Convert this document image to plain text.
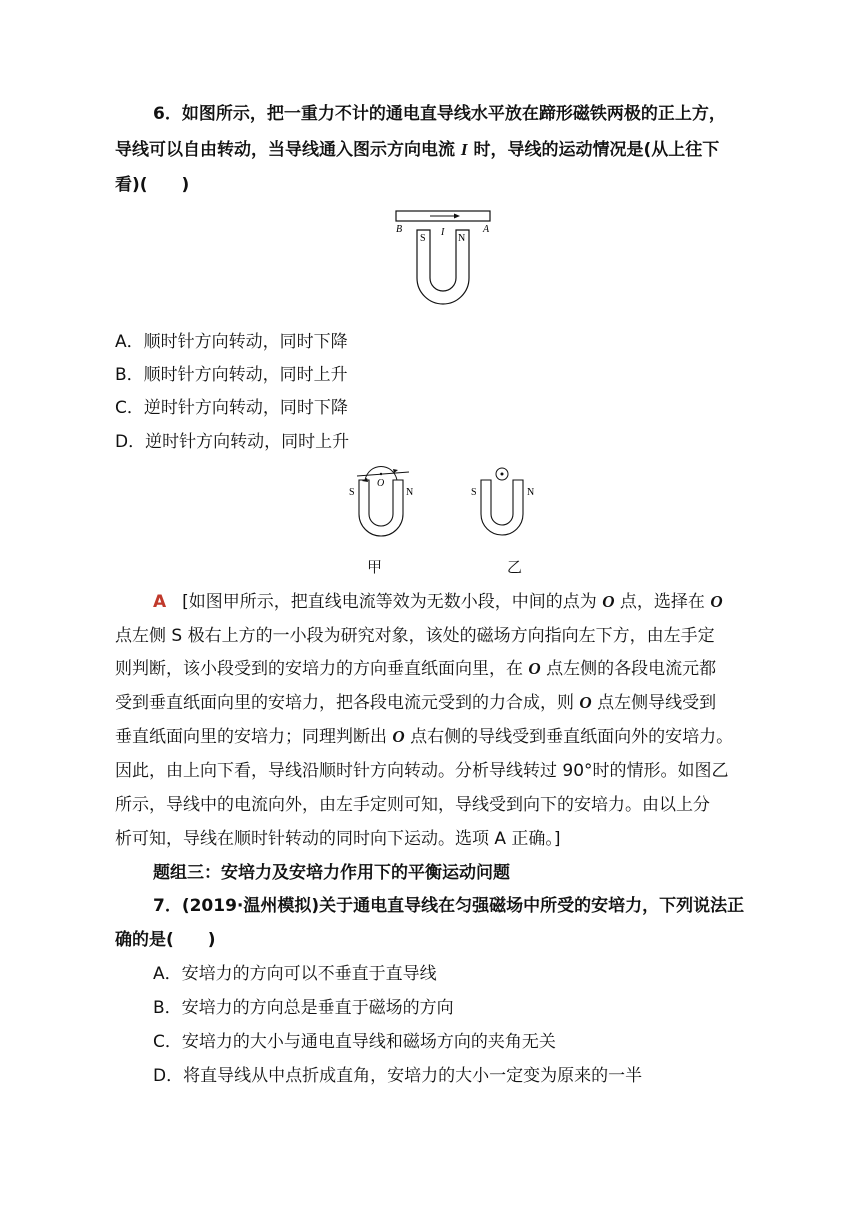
6．如图所示，把一重力不计的通电直导线水平放在蹄形磁铁两极的正上方，
导线可以自由转动，当导线通入图示方向电流 I 时，导线的运动情况是(从上往下
看)(　　)
B	A
I
S	N
A．顺时针方向转动，同时下降
B．顺时针方向转动，同时上升
C．逆时针方向转动，同时下降
D．逆时针方向转动，同时上升
S
O
N
甲
S	N
乙
A [如图甲所示，把直线电流等效为无数小段，中间的点为 O 点，选择在 O
点左侧 S 极右上方的一小段为研究对象，该处的磁场方向指向左下方，由左手定
则判断，该小段受到的安培力的方向垂直纸面向里，在 O 点左侧的各段电流元都
受到垂直纸面向里的安培力，把各段电流元受到的力合成，则 O 点左侧导线受到
垂直纸面向里的安培力；同理判断出 O 点右侧的导线受到垂直纸面向外的安培力。
因此，由上向下看，导线沿顺时针方向转动。分析导线转过 90°时的情形。如图乙
所示，导线中的电流向外，由左手定则可知，导线受到向下的安培力。由以上分
析可知，导线在顺时针转动的同时向下运动。选项 A 正确。]
题组三：安培力及安培力作用下的平衡运动问题
7．(2019·温州模拟)关于通电直导线在匀强磁场中所受的安培力，下列说法正
确的是(　　)
A．安培力的方向可以不垂直于直导线
B．安培力的方向总是垂直于磁场的方向
C．安培力的大小与通电直导线和磁场方向的夹角无关
D．将直导线从中点折成直角，安培力的大小一定变为原来的一半
